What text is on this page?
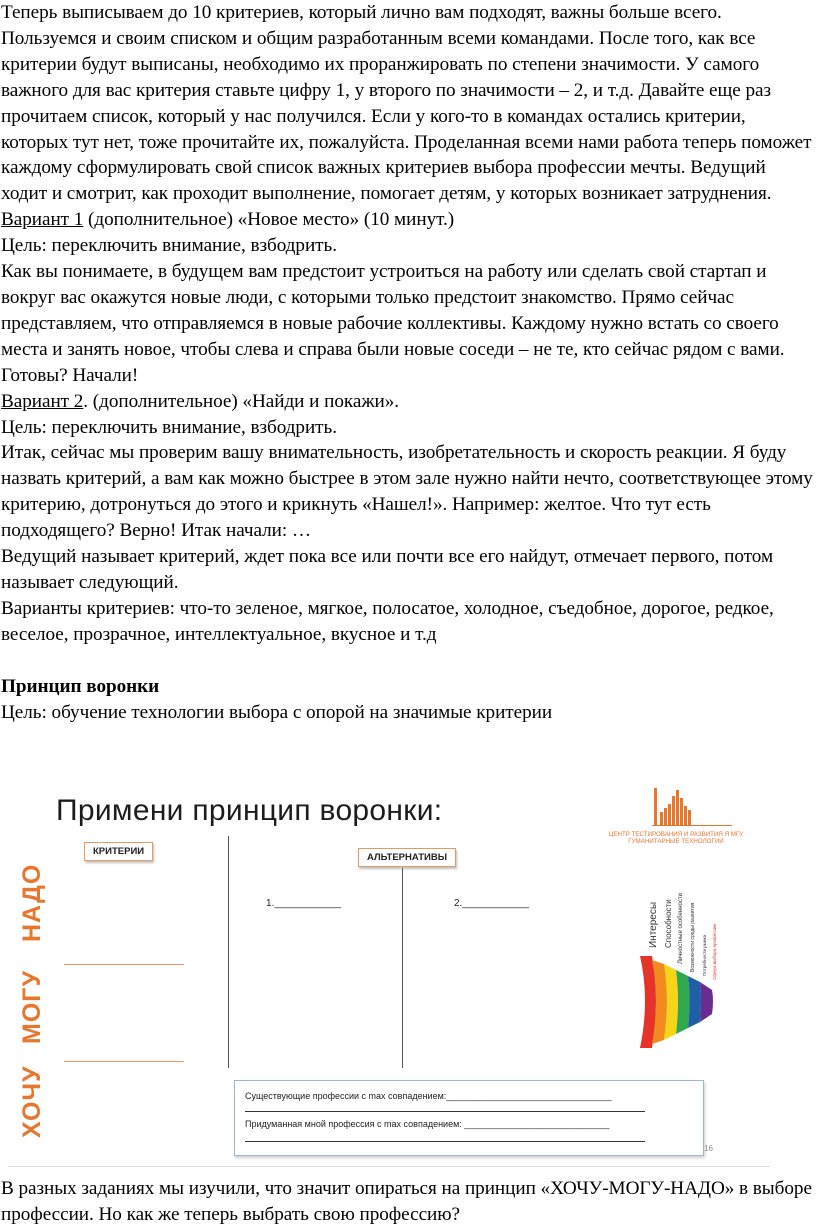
Теперь выписываем до 10 критериев, который лично вам подходят, важны больше всего. Пользуемся и своим списком и общим разработанным всеми командами. После того, как все критерии будут выписаны, необходимо их проранжировать по степени значимости. У самого важного для вас критерия ставьте цифру 1, у второго по значимости – 2, и т.д. Давайте еще раз прочитаем список, который у нас получился. Если у кого-то в командах остались критерии, которых тут нет, тоже прочитайте их, пожалуйста. Проделанная всеми нами работа теперь поможет каждому сформулировать свой список важных критериев выбора профессии мечты. Ведущий ходит и смотрит, как проходит выполнение, помогает детям, у которых возникает затруднения.

Вариант 1 (дополнительное) «Новое место» (10 минут.)

Цель: переключить внимание, взбодрить.

Как вы понимаете, в будущем вам предстоит устроиться на работу или сделать свой стартап и вокруг вас окажутся новые люди, с которыми только предстоит знакомство. Прямо сейчас представляем, что отправляемся в новые рабочие коллективы. Каждому нужно встать со своего места и занять новое, чтобы слева и справа были новые соседи – не те, кто сейчас рядом с вами. Готовы? Начали!

Вариант 2. (дополнительное) «Найди и покажи».

Цель: переключить внимание, взбодрить.

Итак, сейчас мы проверим вашу внимательность, изобретательность и скорость реакции. Я буду назвать критерий, а вам как можно быстрее в этом зале нужно найти нечто, соответствующее этому критерию, дотронуться до этого и крикнуть «Нашел!». Например: желтое. Что тут есть подходящего? Верно! Итак начали: …

Ведущий называет критерий, ждет пока все или почти все его найдут, отмечает первого, потом называет следующий.

Варианты критериев: что-то зеленое, мягкое, полосатое, холодное, съедобное, дорогое, редкое, веселое, прозрачное, интеллектуальное, вкусное и т.д

Принцип воронки

Цель: обучение технологии выбора с опорой на значимые критерии

Примени принцип воронки:
КРИТЕРИИ
АЛЬТЕРНАТИВЫ
НАДО
МОГУ
ХОЧУ
1.____________	2.____________
ЦЕНТР ТЕСТИРОВАНИЯ И РАЗВИТИЯ Я МГУ ГУМАНИТАРНЫЕ ТЕХНОЛОГИИ
Интересы Способности Личностные особенности Возможности среды развития Потребности рынка Сфера выбора профессии
Существующие профессии с max совпадением:_________________________________
Придуманная мной профессия с max совпадением: _____________________________
16

В разных заданиях мы изучили, что значит опираться на принцип «ХОЧУ-МОГУ-НАДО» в выборе профессии. Но как же теперь выбрать свою профессию?
